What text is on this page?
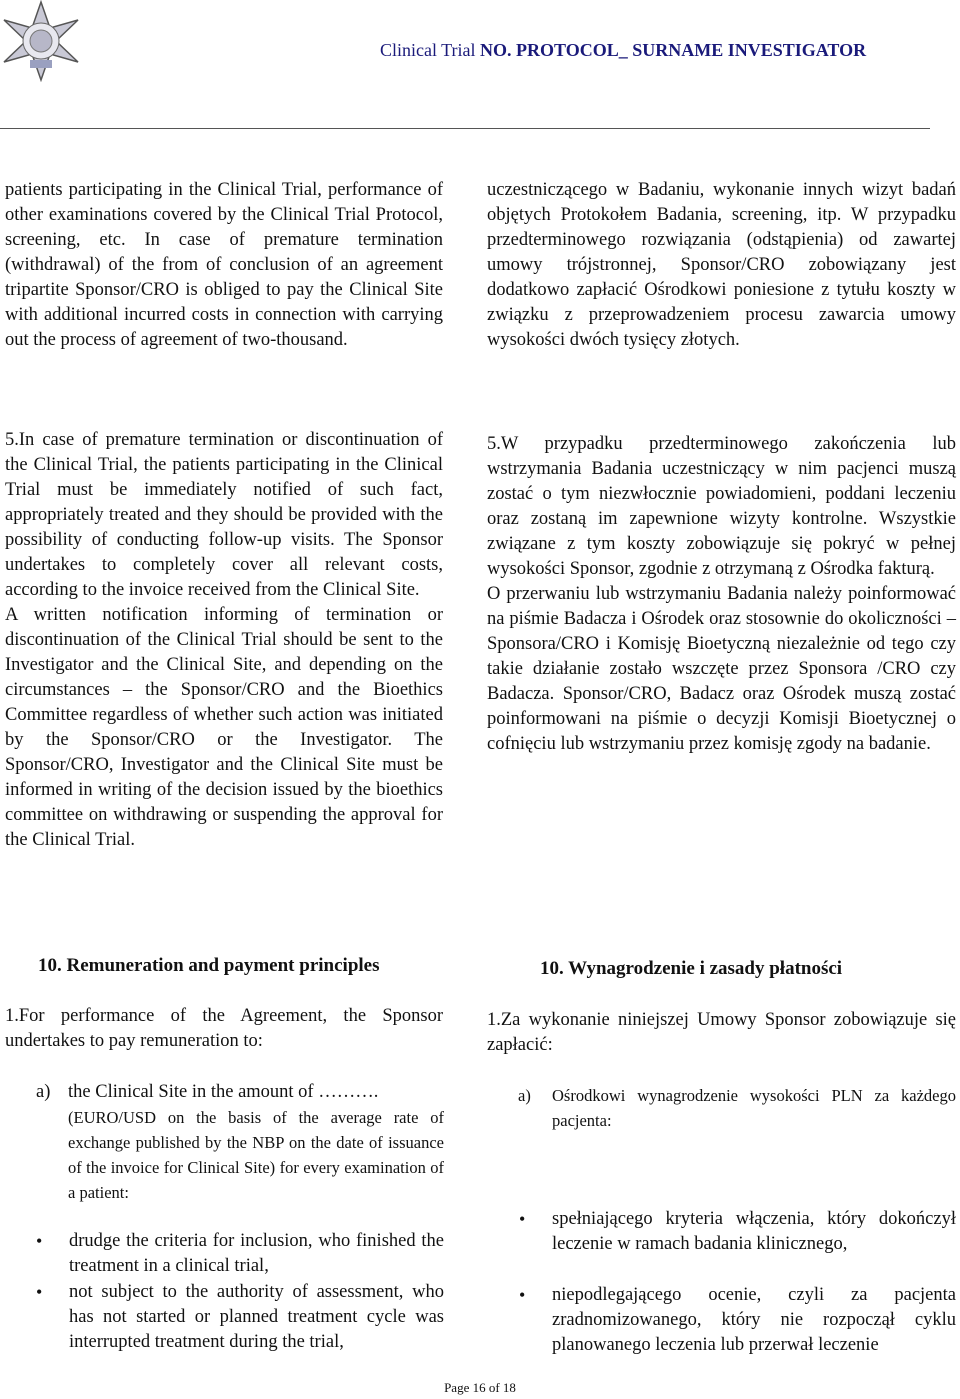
Clinical Trial NO. PROTOCOL_ SURNAME INVESTIGATOR

patients participating in the Clinical Trial, performance of other examinations covered by the Clinical Trial Protocol, screening, etc. In case of premature termination (withdrawal) of the from of conclusion of an agreement tripartite Sponsor/CRO is obliged to pay the Clinical Site with additional incurred costs in connection with carrying out the process of agreement of two-thousand.

5.In case of premature termination or discontinuation of the Clinical Trial, the patients participating in the Clinical Trial must be immediately notified of such fact, appropriately treated and they should be provided with the possibility of conducting follow-up visits. The Sponsor undertakes to completely cover all relevant costs, according to the invoice received from the Clinical Site.

A written notification informing of termination or discontinuation of the Clinical Trial should be sent to the Investigator and the Clinical Site, and depending on the circumstances – the Sponsor/CRO and the Bioethics Committee regardless of whether such action was initiated by the Sponsor/CRO or the Investigator. The Sponsor/CRO, Investigator and the Clinical Site must be informed in writing of the decision issued by the bioethics committee on withdrawing or suspending the approval for the Clinical Trial.

10. Remuneration and payment principles

1.For performance of the Agreement, the Sponsor undertakes to pay remuneration to:

a) the Clinical Site in the amount of ……….
(EURO/USD on the basis of the average rate of exchange published by the NBP on the date of issuance of the invoice for Clinical Site) for every examination of a patient:
• drudge the criteria for inclusion, who finished the treatment in a clinical trial,
• not subject to the authority of assessment, who has not started or planned treatment cycle was interrupted treatment during the trial,

uczestniczącego w Badaniu, wykonanie innych wizyt badań objętych Protokołem Badania, screening, itp. W przypadku przedterminowego rozwiązania (odstąpienia) od zawartej umowy trójstronnej, Sponsor/CRO zobowiązany jest dodatkowo zapłacić Ośrodkowi poniesione z tytułu koszty w związku z przeprowadzeniem procesu zawarcia umowy wysokości dwóch tysięcy złotych.

5.W przypadku przedterminowego zakończenia lub wstrzymania Badania uczestniczący w nim pacjenci muszą zostać o tym niezwłocznie powiadomieni, poddani leczeniu oraz zostaną im zapewnione wizyty kontrolne. Wszystkie związane z tym koszty zobowiązuje się pokryć w pełnej wysokości Sponsor, zgodnie z otrzymaną z Ośrodka fakturą.

O przerwaniu lub wstrzymaniu Badania należy poinformować na piśmie Badacza i Ośrodek oraz stosownie do okoliczności – Sponsora/CRO i Komisję Bioetyczną niezależnie od tego czy takie działanie zostało wszczęte przez Sponsora /CRO czy Badacza. Sponsor/CRO, Badacz oraz Ośrodek muszą zostać poinformowani na piśmie o decyzji Komisji Bioetycznej o cofnięciu lub wstrzymaniu przez komisję zgody na badanie.

10. Wynagrodzenie i zasady płatności

1.Za wykonanie niniejszej Umowy Sponsor zobowiązuje się zapłacić:

a) Ośrodkowi wynagrodzenie wysokości PLN za każdego pacjenta:
• spełniającego kryteria włączenia, który dokończył leczenie w ramach badania klinicznego,
• niepodlegającego ocenie, czyli za pacjenta zradnomizowanego, który nie rozpoczął cyklu planowanego leczenia lub przerwał leczenie
Page 16 of 18
